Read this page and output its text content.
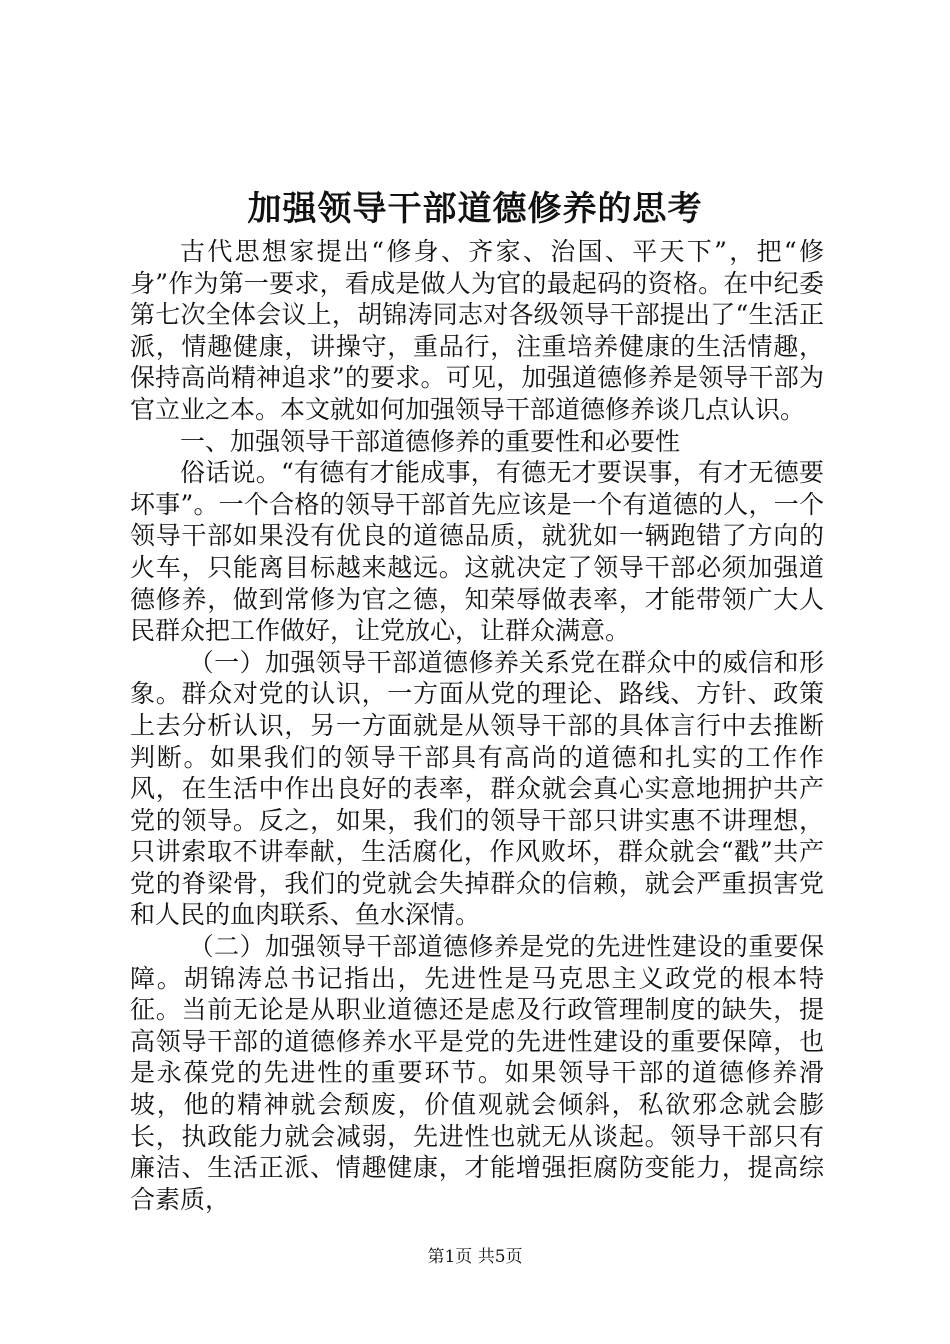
加强领导干部道德修养的思考

古代思想家提出“修身、齐家、治国、平天下”，把“修身”作为第一要求，看成是做人为官的最起码的资格。在中纪委第七次全体会议上，胡锦涛同志对各级领导干部提出了“生活正派，情趣健康，讲操守，重品行，注重培养健康的生活情趣，保持高尚精神追求”的要求。可见，加强道德修养是领导干部为官立业之本。本文就如何加强领导干部道德修养谈几点认识。

一、加强领导干部道德修养的重要性和必要性

俗话说。“有德有才能成事，有德无才要误事，有才无德要坏事”。一个合格的领导干部首先应该是一个有道德的人，一个领导干部如果没有优良的道德品质，就犹如一辆跑错了方向的火车，只能离目标越来越远。这就决定了领导干部必须加强道德修养，做到常修为官之德，知荣辱做表率，才能带领广大人民群众把工作做好，让党放心，让群众满意。

（一）加强领导干部道德修养关系党在群众中的威信和形象。群众对党的认识，一方面从党的理论、路线、方针、政策上去分析认识，另一方面就是从领导干部的具体言行中去推断判断。如果我们的领导干部具有高尚的道德和扎实的工作作风，在生活中作出良好的表率，群众就会真心实意地拥护共产党的领导。反之，如果，我们的领导干部只讲实惠不讲理想，只讲索取不讲奉献，生活腐化，作风败坏，群众就会“戳”共产党的脊梁骨，我们的党就会失掉群众的信赖，就会严重损害党和人民的血肉联系、鱼水深情。

（二）加强领导干部道德修养是党的先进性建设的重要保障。胡锦涛总书记指出，先进性是马克思主义政党的根本特征。当前无论是从职业道德还是虑及行政管理制度的缺失，提高领导干部的道德修养水平是党的先进性建设的重要保障，也是永葆党的先进性的重要环节。如果领导干部的道德修养滑坡，他的精神就会颓废，价值观就会倾斜，私欲邪念就会膨长，执政能力就会减弱，先进性也就无从谈起。领导干部只有廉洁、生活正派、情趣健康，才能增强拒腐防变能力，提高综合素质，

第1页 共5页
